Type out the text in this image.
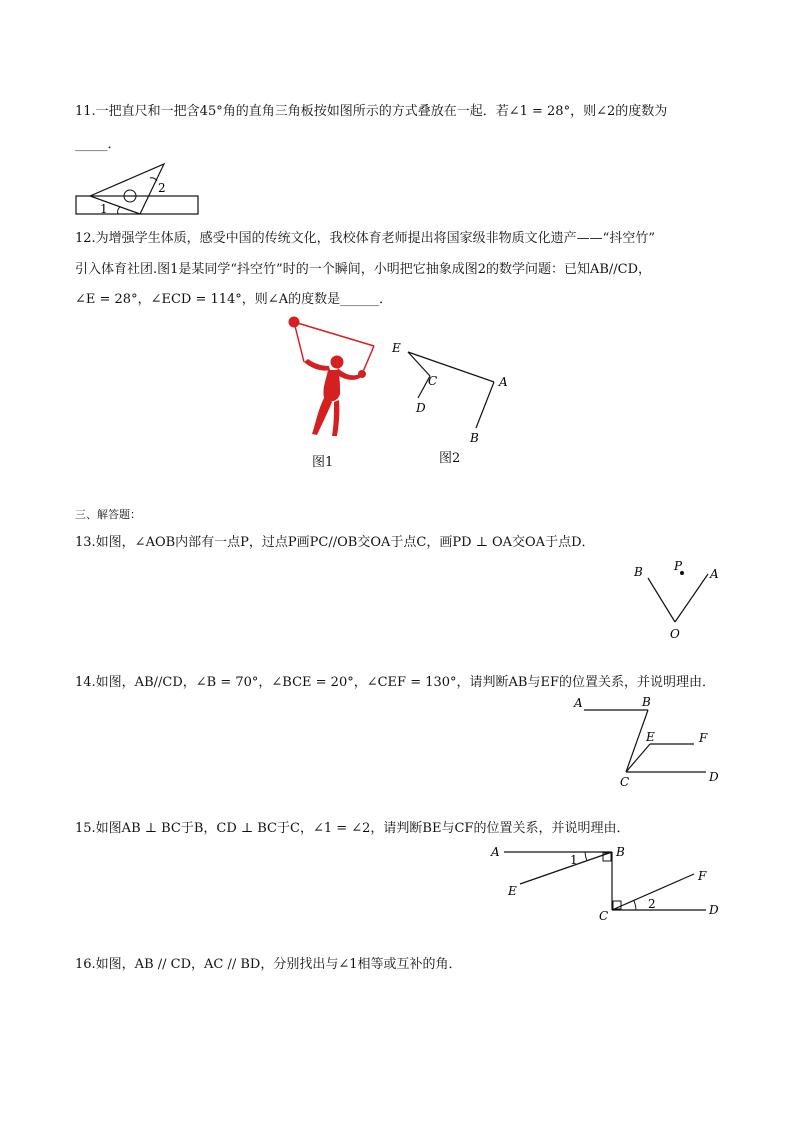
11.一把直尺和一把含45°角的直角三角板按如图所示的方式叠放在一起．若∠1 = 28°，则∠2的度数为
_____．
1
2
12.为增强学生体质，感受中国的传统文化，我校体育老师提出将国家级非物质文化遗产——“抖空竹”
引入体育社团.图1是某同学“抖空竹”时的一个瞬间，小明把它抽象成图2的数学问题：已知AB//CD，
∠E = 28°，∠ECD = 114°，则∠A的度数是______．
图1
E
C
D
A
B
图2
三、解答题：
13.如图，∠AOB内部有一点P，过点P画PC//OB交OA于点C，画PD ⊥ OA交OA于点D．
B	P
A
O
14.如图，AB//CD，∠B = 70°，∠BCE = 20°，∠CEF = 130°，请判断AB与EF的位置关系，并说明理由．
A	B
E	F
C	D
15.如图AB ⊥ BC于B，CD ⊥ BC于C，∠1 = ∠2，请判断BE与CF的位置关系，并说明理由．
A	B
E
F
C	D
1
2
16.如图，AB // CD，AC // BD，分别找出与∠1相等或互补的角．
